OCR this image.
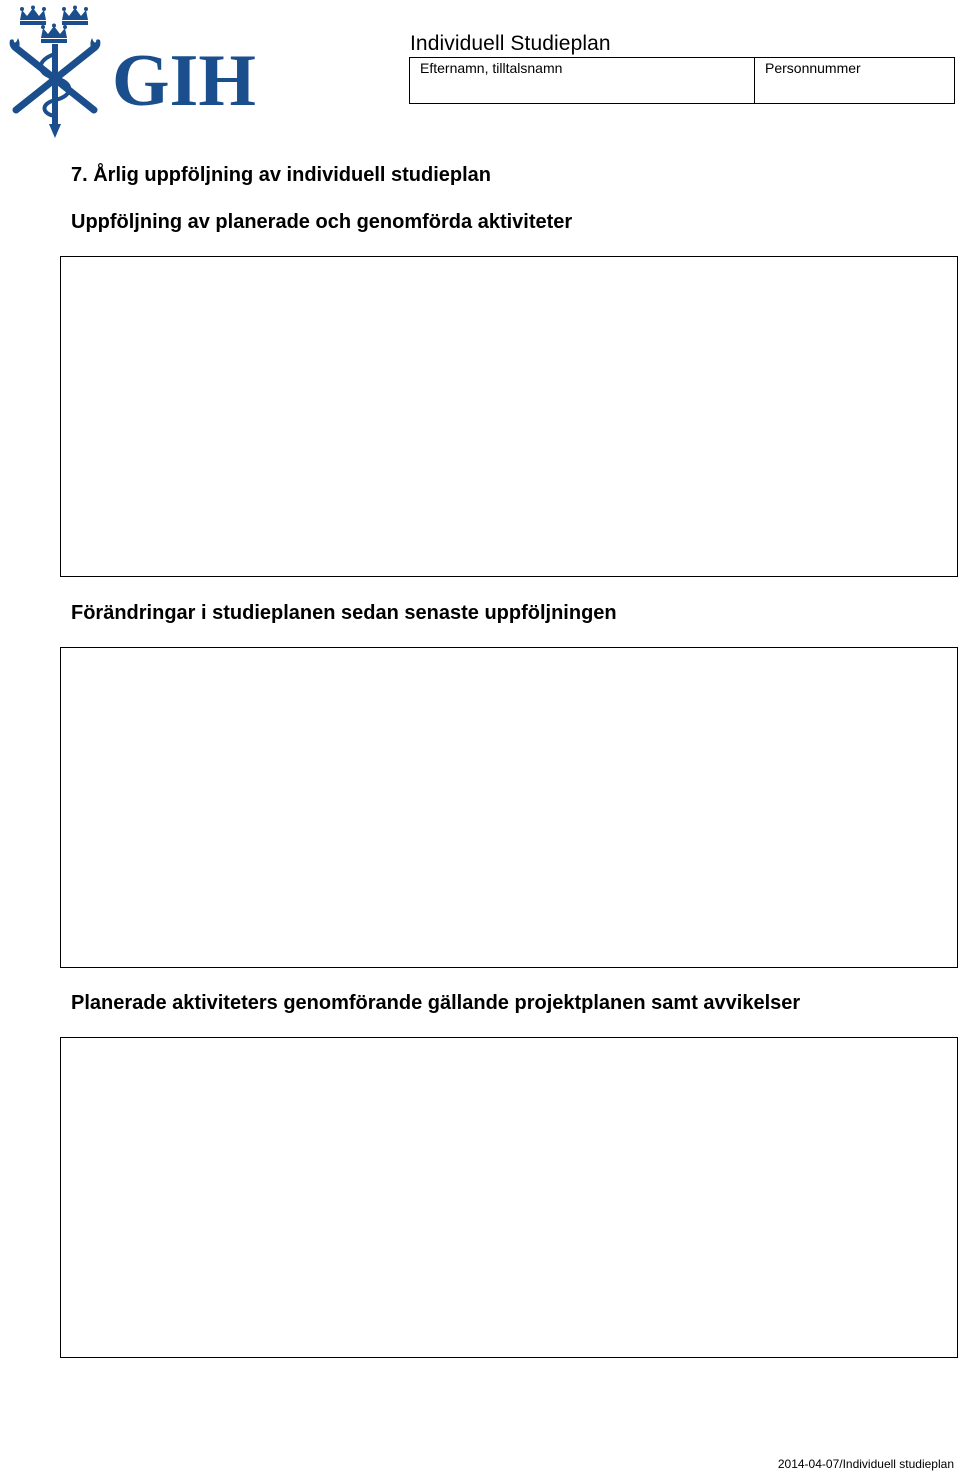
GIH	Individuell Studieplan
Efternamn, tilltalsnamn	Personnummer
7. Årlig uppföljning av individuell studieplan
Uppföljning av planerade och genomförda aktiviteter
Förändringar i studieplanen sedan senaste uppföljningen
Planerade aktiviteters genomförande gällande projektplanen samt avvikelser
2014-04-07/Individuell studieplan
